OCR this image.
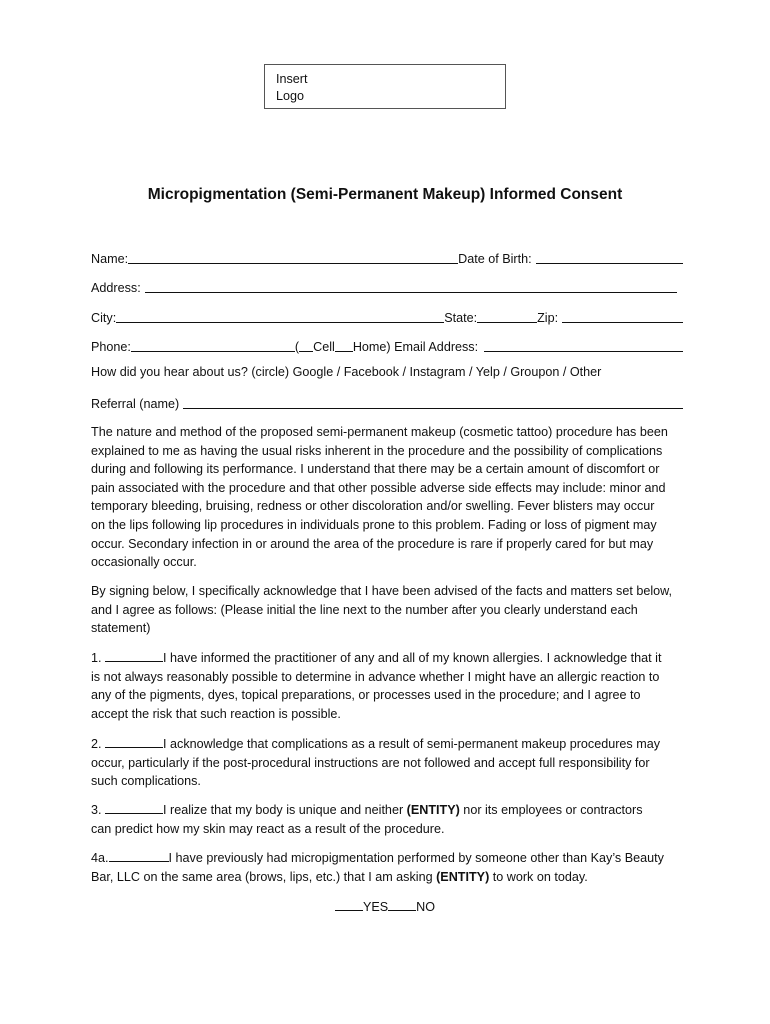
Insert
Logo
Micropigmentation (Semi-Permanent Makeup) Informed Consent
Name:	Date of Birth:
Address:
City:	State:	Zip:
Phone:	( Cell Home) Email Address:
How did you hear about us? (circle) Google / Facebook / Instagram / Yelp / Groupon / Other
Referral (name)
The nature and method of the proposed semi-permanent makeup (cosmetic tattoo) procedure has been
explained to me as having the usual risks inherent in the procedure and the possibility of complications
during and following its performance. I understand that there may be a certain amount of discomfort or
pain associated with the procedure and that other possible adverse side effects may include: minor and
temporary bleeding, bruising, redness or other discoloration and/or swelling. Fever blisters may occur
on the lips following lip procedures in individuals prone to this problem. Fading or loss of pigment may
occur. Secondary infection in or around the area of the procedure is rare if properly cared for but may
occasionally occur.
By signing below, I specifically acknowledge that I have been advised of the facts and matters set below,
and I agree as follows: (Please initial the line next to the number after you clearly understand each
statement)
1.	I have informed the practitioner of any and all of my known allergies. I acknowledge that it
is not always reasonably possible to determine in advance whether I might have an allergic reaction to
any of the pigments, dyes, topical preparations, or processes used in the procedure; and I agree to
accept the risk that such reaction is possible.
2.	I acknowledge that complications as a result of semi-permanent makeup procedures may
occur, particularly if the post-procedural instructions are not followed and accept full responsibility for
such complications.
3.	I realize that my body is unique and neither (ENTITY) nor its employees or contractors
can predict how my skin may react as a result of the procedure.
4a.	I have previously had micropigmentation performed by someone other than Kay’s Beauty
Bar, LLC on the same area (brows, lips, etc.) that I am asking (ENTITY) to work on today.
YES NO
